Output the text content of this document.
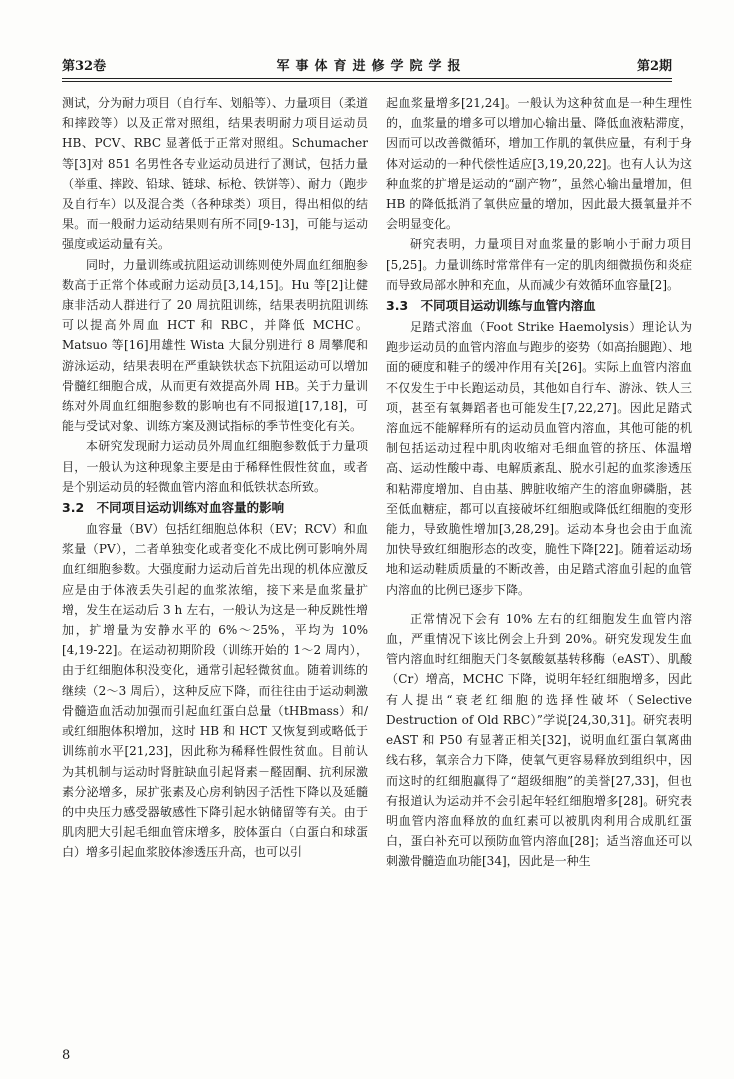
第32卷	军事体育进修学院学报	第2期

测试，分为耐力项目（自行车、划船等）、力量项目（柔道和摔跤等）以及正常对照组，结果表明耐力项目运动员 HB、PCV、RBC 显著低于正常对照组。Schumacher 等[3]对 851 名男性各专业运动员进行了测试，包括力量（举重、摔跤、铅球、链球、标枪、铁饼等）、耐力（跑步及自行车）以及混合类（各种球类）项目，得出相似的结果。而一般耐力运动结果则有所不同[9-13]，可能与运动强度或运动量有关。

同时，力量训练或抗阻运动训练则使外周血红细胞参数高于正常个体或耐力运动员[3,14,15]。Hu 等[2]让健康非活动人群进行了 20 周抗阻训练，结果表明抗阻训练可以提高外周血 HCT 和 RBC，并降低 MCHC。Matsuo 等[16]用雄性 Wista 大鼠分别进行 8 周攀爬和游泳运动，结果表明在严重缺铁状态下抗阻运动可以增加骨髓红细胞合成，从而更有效提高外周 HB。关于力量训练对外周血红细胞参数的影响也有不同报道[17,18]，可能与受试对象、训练方案及测试指标的季节性变化有关。

本研究发现耐力运动员外周血红细胞参数低于力量项目，一般认为这种现象主要是由于稀释性假性贫血，或者是个别运动员的轻微血管内溶血和低铁状态所致。

3.2　不同项目运动训练对血容量的影响

血容量（BV）包括红细胞总体积（EV；RCV）和血浆量（PV），二者单独变化或者变化不成比例可影响外周血红细胞参数。大强度耐力运动后首先出现的机体应激反应是由于体液丢失引起的血浆浓缩，接下来是血浆量扩增，发生在运动后 3 h 左右，一般认为这是一种反跳性增加，扩增量为安静水平的 6%～25%，平均为 10%[4,19-22]。在运动初期阶段（训练开始的 1～2 周内），由于红细胞体积没变化，通常引起轻微贫血。随着训练的继续（2～3 周后），这种反应下降，而往往由于运动刺激骨髓造血活动加强而引起血红蛋白总量（tHBmass）和/或红细胞体积增加，这时 HB 和 HCT 又恢复到或略低于训练前水平[21,23]，因此称为稀释性假性贫血。目前认为其机制与运动时肾脏缺血引起肾素－醛固酮、抗利尿激素分泌增多，尿扩张素及心房利钠因子活性下降以及延髓的中央压力感受器敏感性下降引起水钠储留等有关。由于肌肉肥大引起毛细血管床增多，胶体蛋白（白蛋白和球蛋白）增多引起血浆胶体渗透压升高，也可以引

起血浆量增多[21,24]。一般认为这种贫血是一种生理性的，血浆量的增多可以增加心输出量、降低血液粘滞度，因而可以改善微循环，增加工作肌的氧供应量，有利于身体对运动的一种代偿性适应[3,19,20,22]。也有人认为这种血浆的扩增是运动的“副产物”，虽然心输出量增加，但 HB 的降低抵消了氧供应量的增加，因此最大摄氧量并不会明显变化。

研究表明，力量项目对血浆量的影响小于耐力项目[5,25]。力量训练时常常伴有一定的肌肉细微损伤和炎症而导致局部水肿和充血，从而减少有效循环血容量[2]。

3.3　不同项目运动训练与血管内溶血

足踏式溶血（Foot Strike Haemolysis）理论认为跑步运动员的血管内溶血与跑步的姿势（如高抬腿跑）、地面的硬度和鞋子的缓冲作用有关[26]。实际上血管内溶血不仅发生于中长跑运动员，其他如自行车、游泳、铁人三项，甚至有氧舞蹈者也可能发生[7,22,27]。因此足踏式溶血远不能解释所有的运动员血管内溶血，其他可能的机制包括运动过程中肌肉收缩对毛细血管的挤压、体温增高、运动性酸中毒、电解质紊乱、脱水引起的血浆渗透压和粘滞度增加、自由基、脾脏收缩产生的溶血卵磷脂，甚至低血糖症，都可以直接破坏红细胞或降低红细胞的变形能力，导致脆性增加[3,28,29]。运动本身也会由于血流加快导致红细胞形态的改变，脆性下降[22]。随着运动场地和运动鞋质质量的不断改善，由足踏式溶血引起的血管内溶血的比例已逐步下降。

正常情况下会有 10% 左右的红细胞发生血管内溶血，严重情况下该比例会上升到 20%。研究发现发生血管内溶血时红细胞天门冬氨酸氨基转移酶（eAST）、肌酸（Cr）增高，MCHC 下降，说明年轻红细胞增多，因此有人提出“衰老红细胞的选择性破坏（Selective Destruction of Old RBC）”学说[24,30,31]。研究表明 eAST 和 P50 有显著正相关[32]，说明血红蛋白氧离曲线右移，氧亲合力下降，使氧气更容易释放到组织中，因而这时的红细胞赢得了“超级细胞”的美誉[27,33]，但也有报道认为运动并不会引起年轻红细胞增多[28]。研究表明血管内溶血释放的血红素可以被肌肉利用合成肌红蛋白，蛋白补充可以预防血管内溶血[28]；适当溶血还可以刺激骨髓造血功能[34]，因此是一种生

8
